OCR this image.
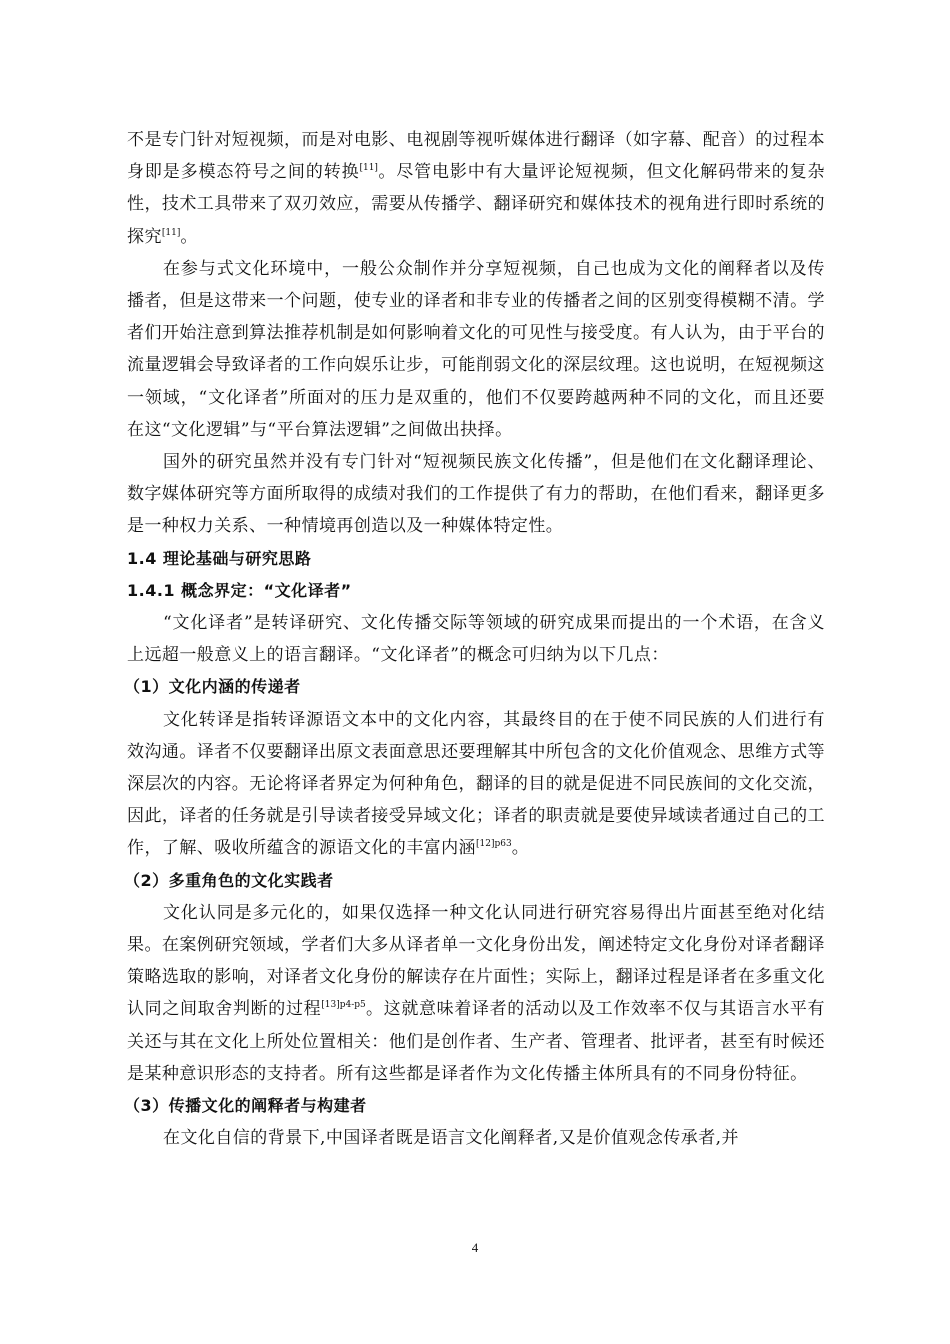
不是专门针对短视频，而是对电影、电视剧等视听媒体进行翻译（如字幕、配音）的过程本身即是多模态符号之间的转换[11]。尽管电影中有大量评论短视频，但文化解码带来的复杂性，技术工具带来了双刃效应，需要从传播学、翻译研究和媒体技术的视角进行即时系统的探究[11]。

在参与式文化环境中，一般公众制作并分享短视频，自己也成为文化的阐释者以及传播者，但是这带来一个问题，使专业的译者和非专业的传播者之间的区别变得模糊不清。学者们开始注意到算法推荐机制是如何影响着文化的可见性与接受度。有人认为，由于平台的流量逻辑会导致译者的工作向娱乐让步，可能削弱文化的深层纹理。这也说明，在短视频这一领域，“文化译者”所面对的压力是双重的，他们不仅要跨越两种不同的文化，而且还要在这“文化逻辑”与“平台算法逻辑”之间做出抉择。

国外的研究虽然并没有专门针对“短视频民族文化传播”，但是他们在文化翻译理论、数字媒体研究等方面所取得的成绩对我们的工作提供了有力的帮助，在他们看来，翻译更多是一种权力关系、一种情境再创造以及一种媒体特定性。

1.4 理论基础与研究思路
1.4.1 概念界定：“文化译者”

“文化译者”是转译研究、文化传播交际等领域的研究成果而提出的一个术语，在含义上远超一般意义上的语言翻译。“文化译者”的概念可归纳为以下几点：

（1）文化内涵的传递者

文化转译是指转译源语文本中的文化内容，其最终目的在于使不同民族的人们进行有效沟通。译者不仅要翻译出原文表面意思还要理解其中所包含的文化价值观念、思维方式等深层次的内容。无论将译者界定为何种角色，翻译的目的就是促进不同民族间的文化交流，因此，译者的任务就是引导读者接受异域文化；译者的职责就是要使异域读者通过自己的工作，了解、吸收所蕴含的源语文化的丰富内涵$^{[12]p63}$。

（2）多重角色的文化实践者

文化认同是多元化的，如果仅选择一种文化认同进行研究容易得出片面甚至绝对化结果。在案例研究领域，学者们大多从译者单一文化身份出发，阐述特定文化身份对译者翻译策略选取的影响，对译者文化身份的解读存在片面性；实际上，翻译过程是译者在多重文化认同之间取舍判断的过程$^{[13]p4-p5}$。这就意味着译者的活动以及工作效率不仅与其语言水平有关还与其在文化上所处位置相关：他们是创作者、生产者、管理者、批评者，甚至有时候还是某种意识形态的支持者。所有这些都是译者作为文化传播主体所具有的不同身份特征。

（3）传播文化的阐释者与构建者

在文化自信的背景下,中国译者既是语言文化阐释者,又是价值观念传承者,并

4
